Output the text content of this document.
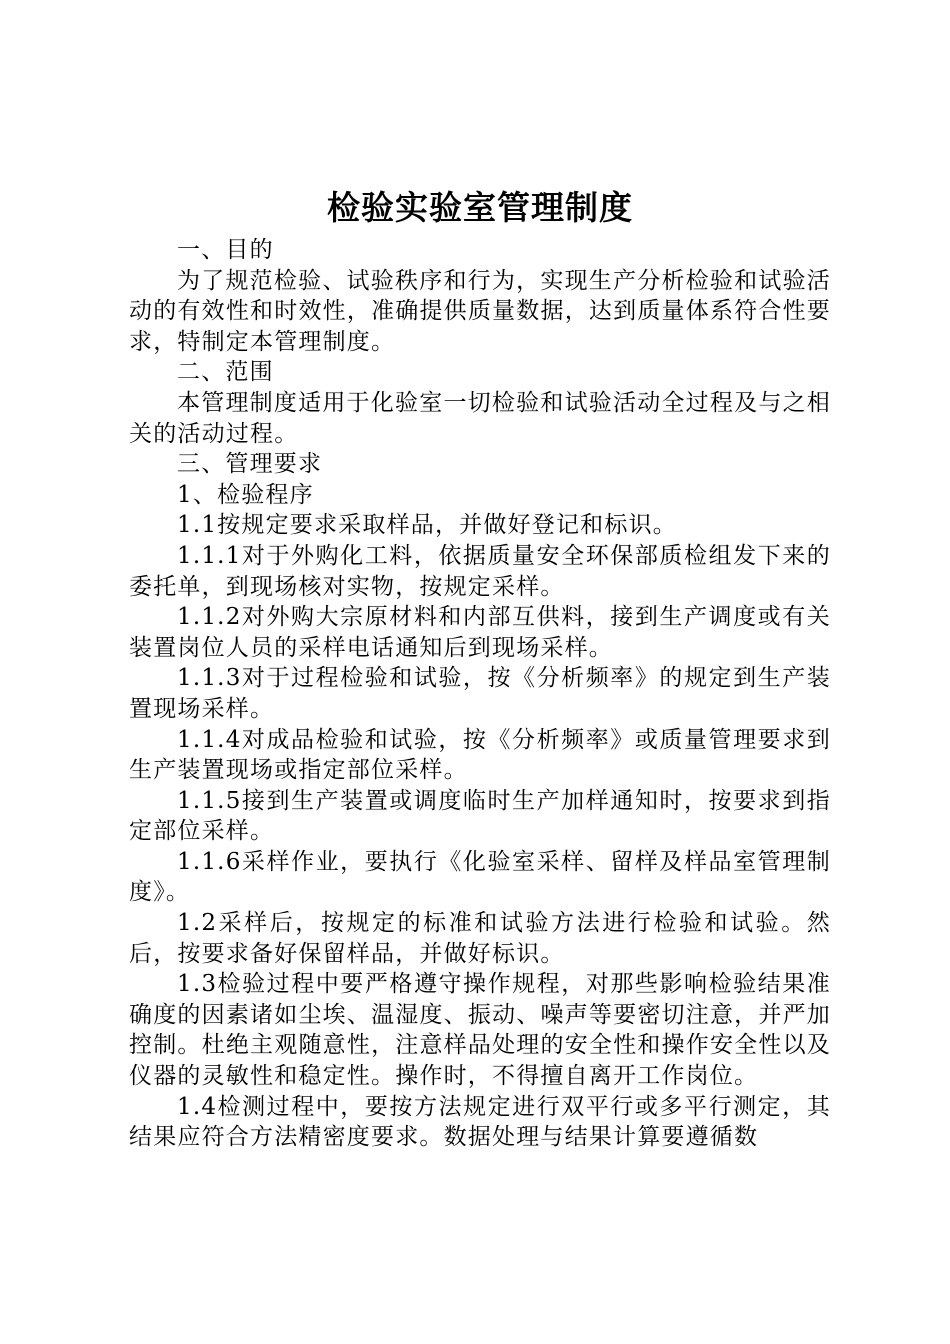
检验实验室管理制度

一、目的

为了规范检验、试验秩序和行为，实现生产分析检验和试验活动的有效性和时效性，准确提供质量数据，达到质量体系符合性要求，特制定本管理制度。

二、范围

本管理制度适用于化验室一切检验和试验活动全过程及与之相关的活动过程。

三、管理要求

1、检验程序

1.1按规定要求采取样品，并做好登记和标识。

1.1.1对于外购化工料，依据质量安全环保部质检组发下来的委托单，到现场核对实物，按规定采样。

1.1.2对外购大宗原材料和内部互供料，接到生产调度或有关装置岗位人员的采样电话通知后到现场采样。

1.1.3对于过程检验和试验，按《分析频率》的规定到生产装置现场采样。

1.1.4对成品检验和试验，按《分析频率》或质量管理要求到生产装置现场或指定部位采样。

1.1.5接到生产装置或调度临时生产加样通知时，按要求到指定部位采样。

1.1.6采样作业，要执行《化验室采样、留样及样品室管理制度》。

1.2采样后，按规定的标准和试验方法进行检验和试验。然后，按要求备好保留样品，并做好标识。

1.3检验过程中要严格遵守操作规程，对那些影响检验结果准确度的因素诸如尘埃、温湿度、振动、噪声等要密切注意，并严加控制。杜绝主观随意性，注意样品处理的安全性和操作安全性以及仪器的灵敏性和稳定性。操作时，不得擅自离开工作岗位。

1.4检测过程中，要按方法规定进行双平行或多平行测定，其结果应符合方法精密度要求。数据处理与结果计算要遵循数
